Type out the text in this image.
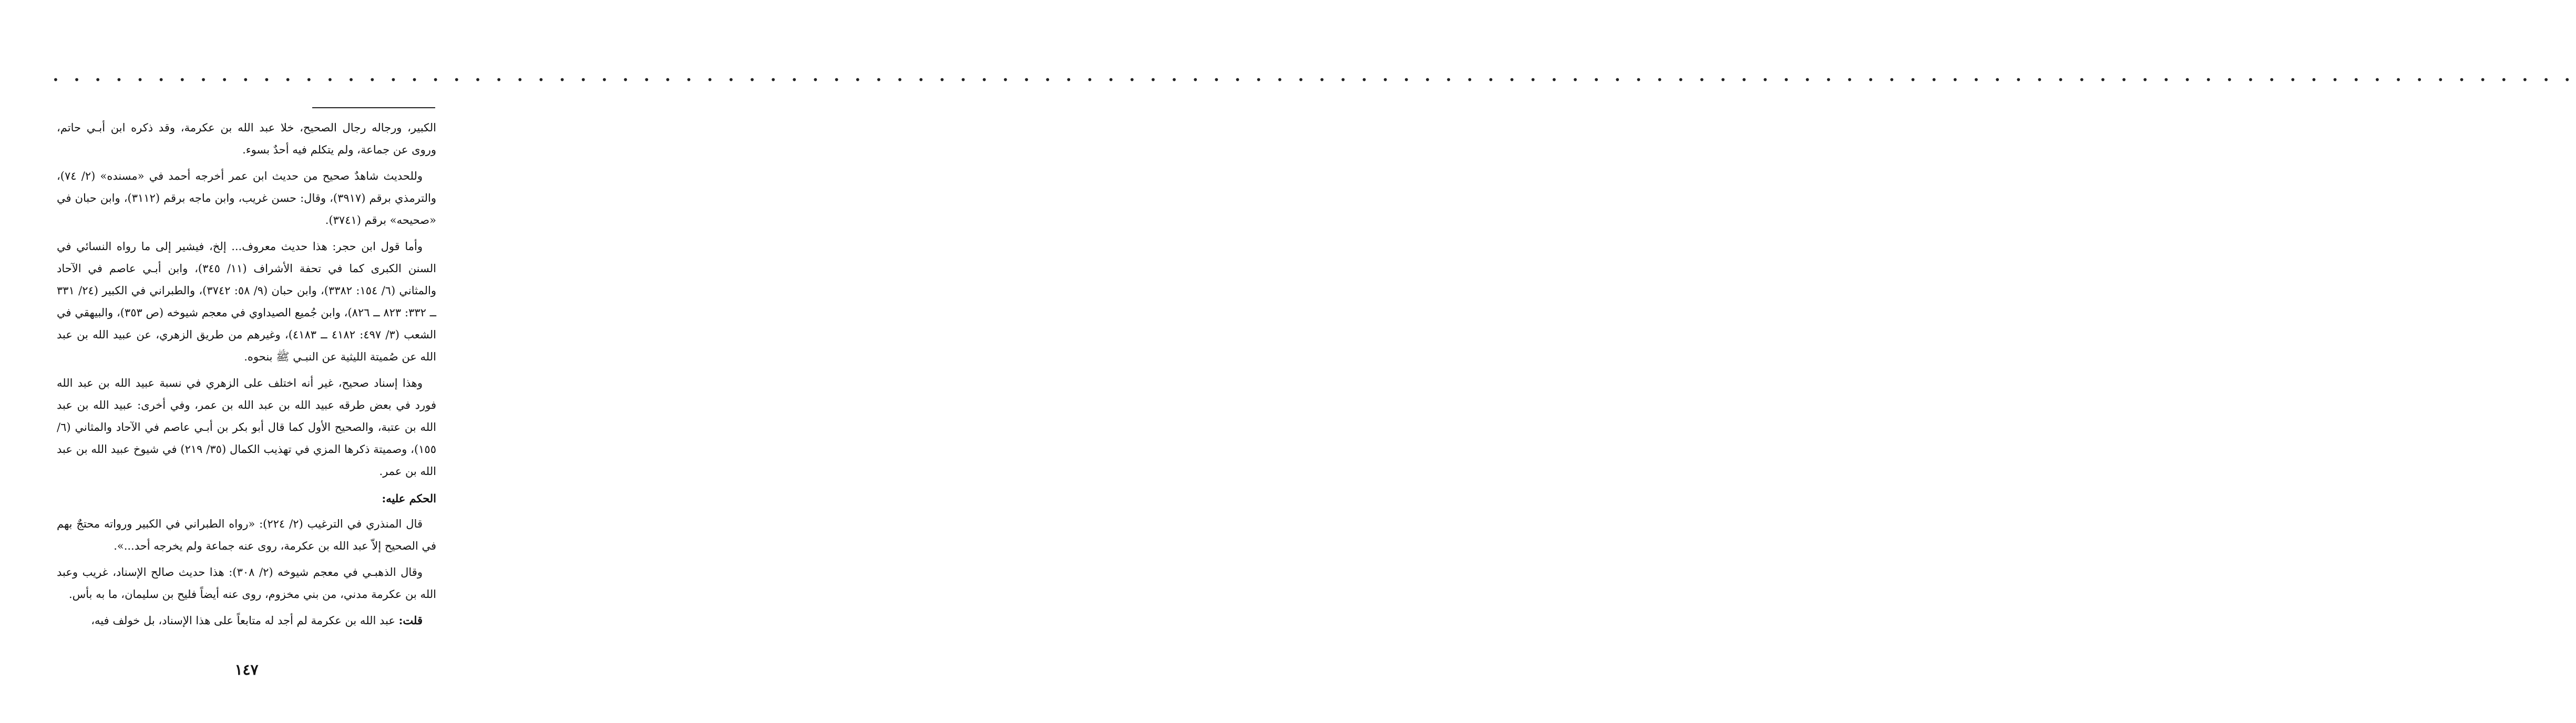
• • • • • • • • • • • • • • • • • • • • • • • • • • • • • • • • • • • • • • • • • • • • • • • • • • • • • • • • • • • • • • • • • • • • • • • • • • • • • • • • • • • • • • • • • • • • • • • • • • • • • • • • • • • • • • • • • • • • • • • •

الكبير، ورجاله رجال الصحيح، خلا عبد الله بن عكرمة، وقد ذكره ابن أبـي حاتم، وروى عن جماعة، ولم يتكلم فيه أحدٌ بسوء.

وللحديث شاهدٌ صحيح من حديث ابن عمر أخرجه أحمد في «مسنده» (٢/ ٧٤)، والترمذي برقم (٣٩١٧)، وقال: حسن غريب، وابن ماجه برقم (٣١١٢)، وابن حبان في «صحيحه» برقم (٣٧٤١).

وأما قول ابن حجر: هذا حديث معروف... إلخ، فيشير إلى ما رواه النسائي في السنن الكبرى كما في تحفة الأشراف (١١/ ٣٤٥)، وابن أبـي عاصم في الآحاد والمثاني (٦/ ١٥٤: ٣٣٨٢)، وابن حبان (٩/ ٥٨: ٣٧٤٢)، والطبراني في الكبير (٢٤/ ٣٣١ ــ ٣٣٢: ٨٢٣ ــ ٨٢٦)، وابن جُميع الصيداوي في معجم شيوخه (ص ٣٥٣)، والبيهقي في الشعب (٣/ ٤٩٧: ٤١٨٢ ــ ٤١٨٣)، وغيرهم من طريق الزهري، عن عبيد الله بن عبد الله عن صُميتة الليثية عن النبـي ﷺ بنحوه.

وهذا إسناد صحيح، غير أنه اختلف على الزهري في نسبة عبيد الله بن عبد الله فورد في بعض طرقه عبيد الله بن عبد الله بن عمر، وفي أخرى: عبيد الله بن عبد الله بن عتبة، والصحيح الأول كما قال أبو بكر بن أبـي عاصم في الآحاد والمثاني (٦/ ١٥٥)، وصميتة ذكرها المزي في تهذيب الكمال (٣٥/ ٢١٩) في شيوخ عبيد الله بن عبد الله بن عمر.

الحكم عليه:

قال المنذري في الترغيب (٢/ ٢٢٤): «رواه الطبراني في الكبير ورواته محتجٌ بهم في الصحيح إلاّ عبد الله بن عكرمة، روى عنه جماعة ولم يخرجه أحد...».

وقال الذهبـي في معجم شيوخه (٢/ ٣٠٨): هذا حديث صالح الإسناد، غريب وعبد الله بن عكرمة مدني، من بني مخزوم، روى عنه أيضاً فليح بن سليمان، ما به بأس.

قلت: عبد الله بن عكرمة لم أجد له متابعاً على هذا الإسناد، بل خولف فيه،

١٤٧
